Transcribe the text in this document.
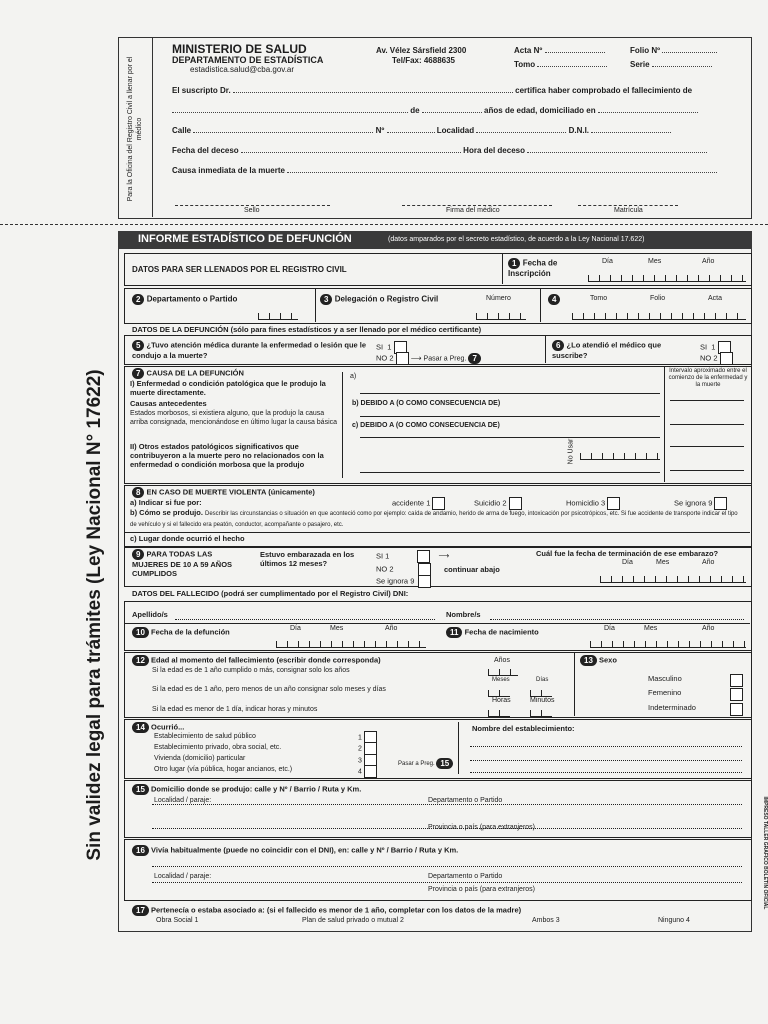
Para la Oficina del Registro Civil a llenar por el médico
MINISTERIO DE SALUD
DEPARTAMENTO DE ESTADÍSTICA
estadistica.salud@cba.gov.ar
Av. Vélez Sársfield 2300
Tel/Fax: 4688635
Acta Nº	Folio Nº
Tomo	Serie
El suscripto Dr.	certifica haber comprobado el fallecimiento de
de	años de edad, domiciliado en
Calle	Nº	Localidad	D.N.I.
Fecha del deceso	Hora del deceso
Causa inmediata de la muerte
Sello	Firma del médico	Matrícula
Sin validez legal para trámites (Ley Nacional N° 17622)	IMPRESO TALLER GRÁFICO BOLETÍN OFICIAL
INFORME ESTADÍSTICO DE DEFUNCIÓN	(datos amparados por el secreto estadístico, de acuerdo a la Ley Nacional 17.622)
DATOS PARA SER LLENADOS POR EL REGISTRO CIVIL
1 Fecha de Inscripción
Día	Mes	Año
2 Departamento o Partido	3 Delegación o Registro Civil	Número	4	Tomo	Folio	Acta
DATOS DE LA DEFUNCIÓN (sólo para fines estadísticos y a ser llenado por el médico certificante)
5 ¿Tuvo atención médica durante la enfermedad o lesión que le condujo a la muerte?
SI  1
NO 2  ⟶ Pasar a Preg. 7
6 ¿Lo atendió el médico que suscribe?
SI  1
NO 2
7 CAUSA DE LA DEFUNCIÓN
I) Enfermedad o condición patológica que le produjo la muerte directamente.
Causas antecedentes
Estados morbosos, si existiera alguno, que la produjo la causa arriba consignada, mencionándose en último lugar la causa básica
II) Otros estados patológicos significativos que contribuyeron a la muerte pero no relacionados con la enfermedad o condición morbosa que la produjo
a)
b) DEBIDO A (O COMO CONSECUENCIA DE)
c) DEBIDO A (O COMO CONSECUENCIA DE)
No Usar
Intervalo aproximado entre el comienzo de la enfermedad y la muerte
8 EN CASO DE MUERTE VIOLENTA (únicamente)
a) Indicar si fue por:	accidente 1	Suicidio 2	Homicidio 3	Se ignora 9
b) Cómo se produjo. Describir las circunstancias o situación en que aconteció como por ejemplo: caída de andamio, herido de arma de fuego, intoxicación por psicotrópicos, etc. Si fue accidente de transporte indicar el tipo de vehículo y si el fallecido era peatón, conductor, acompañante o pasajero, etc.
c) Lugar donde ocurrió el hecho
9 PARA TODAS LAS MUJERES DE 10 A 59 AÑOS CUMPLIDOS
Estuvo embarazada en los últimos 12 meses?
SI 1	⟶
NO 2
Se ignora 9
continuar abajo
Cuál fue la fecha de terminación de ese embarazo?
Día	Mes	Año
DATOS DEL FALLECIDO (podrá ser cumplimentado por el Registro Civil) DNI:
Apellido/s	Nombre/s
10 Fecha de la defunción	Día	Mes	Año	11 Fecha de nacimiento	Día	Mes	Año
12 Edad al momento del fallecimiento (escribir donde corresponda)
Si la edad es de 1 año cumplido o más, consignar solo los años
Si la edad es de 1 año, pero menos de un año consignar solo meses y días
Si la edad es menor de 1 día, indicar horas y minutos
Años
Meses	Días
Horas	Minutos
13 Sexo
Masculino
Femenino
Indeterminado
14 Ocurrió...
Establecimiento de salud público
Establecimiento privado, obra social, etc.
Vivienda (domicilio) particular
Otro lugar (vía pública, hogar ancianos, etc.)
1
2
3
4
Pasar a Preg. 15
Nombre del establecimiento:
15 Domicilio donde se produjo: calle y Nº / Barrio / Ruta y Km.
Localidad / paraje:	Departamento o Partido
Provincia o país (para extranjeros)
16 Vivía habitualmente (puede no coincidir con el DNI), en: calle y Nº / Barrio / Ruta y Km.
Localidad / paraje:	Departamento o Partido
Provincia o país (para extranjeros)
17 Pertenecía o estaba asociado a: (si el fallecido es menor de 1 año, completar con los datos de la madre)
Obra Social 1	Plan de salud privado o mutual 2	Ambos 3	Ninguno 4
